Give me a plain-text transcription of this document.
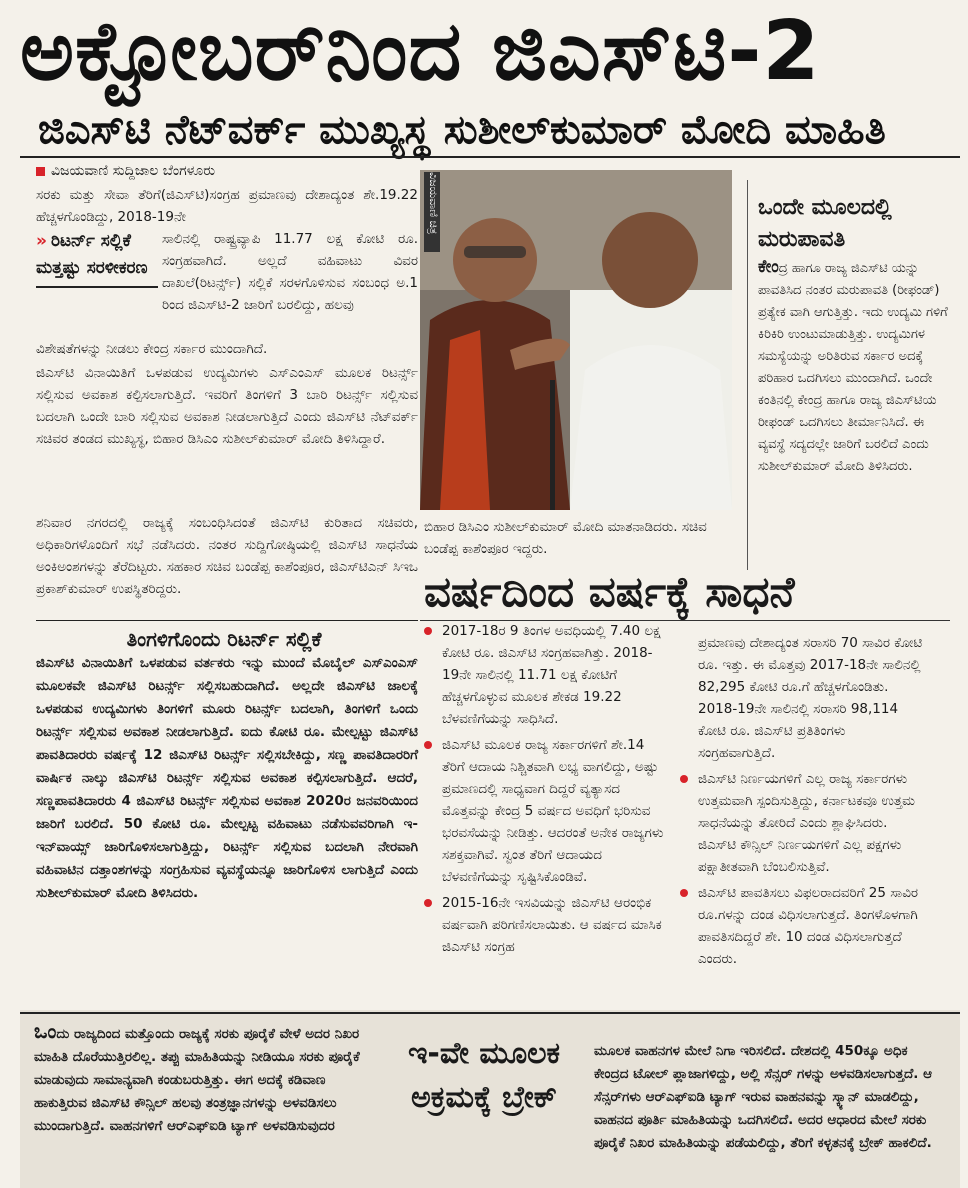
ಅಕ್ಟೋಬರ್‌ನಿಂದ ಜಿಎಸ್‌ಟಿ-2
ಜಿಎಸ್‌ಟಿ ನೆಟ್‌ವರ್ಕ್ ಮುಖ್ಯಸ್ಥ ಸುಶೀಲ್‌ಕುಮಾರ್ ಮೋದಿ ಮಾಹಿತಿ
ವಿಜಯವಾಣಿ ಸುದ್ದಿಜಾಲ ಬೆಂಗಳೂರು
ಸರಕು ಮತ್ತು ಸೇವಾ ತೆರಿಗೆ(ಜಿಎಸ್‌ಟಿ)ಸಂಗ್ರಹ ಪ್ರಮಾಣವು ದೇಶಾದ್ಯಂತ ಶೇ.19.22 ಹೆಚ್ಚಳಗೊಂಡಿದ್ದು, 2018-19ನೇ
» ರಿಟರ್ನ್ ಸಲ್ಲಿಕೆ ಮತ್ತಷ್ಟು ಸರಳೀಕರಣ
ಸಾಲಿನಲ್ಲಿ ರಾಷ್ಟ್ರವ್ಯಾಪಿ 11.77 ಲಕ್ಷ ಕೋಟಿ ರೂ. ಸಂಗ್ರಹವಾಗಿದೆ. ಅಲ್ಲದೆ ವಹಿವಾಟು ವಿವರ ದಾಖಲೆ(ರಿಟರ್ನ್ಸ್) ಸಲ್ಲಿಕೆ ಸರಳಗೊಳಿಸುವ ಸಂಬಂಧ ಅ.1 ರಿಂದ ಜಿಎಸ್‌ಟಿ-2 ಜಾರಿಗೆ ಬರಲಿದ್ದು, ಹಲವು
ವಿಶೇಷತೆಗಳನ್ನು ನೀಡಲು ಕೇಂದ್ರ ಸರ್ಕಾರ ಮುಂದಾಗಿದೆ.
ಜಿಎಸ್‌ಟಿ ವಿನಾಯಿತಿಗೆ ಒಳಪಡುವ ಉದ್ಯಮಿಗಳು ಎಸ್‌ಎಂಎಸ್ ಮೂಲಕ ರಿಟರ್ನ್ಸ್ ಸಲ್ಲಿಸುವ ಅವಕಾಶ ಕಲ್ಪಿಸಲಾಗುತ್ತಿದೆ. ಇವರಿಗೆ ತಿಂಗಳಿಗೆ 3 ಬಾರಿ ರಿಟರ್ನ್ಸ್ ಸಲ್ಲಿಸುವ ಬದಲಾಗಿ ಒಂದೇ ಬಾರಿ ಸಲ್ಲಿಸುವ ಅವಕಾಶ ನೀಡಲಾಗುತ್ತಿದೆ ಎಂದು ಜಿಎಸ್‌ಟಿ ನೆಟ್‌ವರ್ಕ್ ಸಚಿವರ ತಂಡದ ಮುಖ್ಯಸ್ಥ, ಬಿಹಾರ ಡಿಸಿಎಂ ಸುಶೀಲ್‌ಕುಮಾರ್ ಮೋದಿ ತಿಳಿಸಿದ್ದಾರೆ.
ಶನಿವಾರ ನಗರದಲ್ಲಿ ರಾಜ್ಯಕ್ಕೆ ಸಂಬಂಧಿಸಿದಂತೆ ಜಿಎಸ್‌ಟಿ ಕುರಿತಾದ ಸಚಿವರು, ಅಧಿಕಾರಿಗಳೊಂದಿಗೆ ಸಭೆ ನಡೆಸಿದರು. ನಂತರ ಸುದ್ದಿಗೋಷ್ಠಿಯಲ್ಲಿ ಜಿಎಸ್‌ಟಿ ಸಾಧನೆಯ ಅಂಕಿಅಂಶಗಳನ್ನು ತೆರೆದಿಟ್ಟರು. ಸಹಕಾರ ಸಚಿವ ಬಂಡೆಪ್ಪ ಕಾಶೆಂಪೂರ, ಜಿಎಸ್‌ಟಿಎನ್ ಸಿಇಒ ಪ್ರಕಾಶ್‌ಕುಮಾರ್ ಉಪಸ್ಥಿತರಿದ್ದರು.
ವಿಜಯವಾಣಿ ಚಿತ್ರ
ಬಿಹಾರ ಡಿಸಿಎಂ ಸುಶೀಲ್‌ಕುಮಾರ್ ಮೋದಿ ಮಾತನಾಡಿದರು. ಸಚಿವ ಬಂಡೆಪ್ಪ ಕಾಶೆಂಪೂರ ಇದ್ದರು.
ಒಂದೇ ಮೂಲದಲ್ಲಿ ಮರುಪಾವತಿ
ಕೇಂದ್ರ ಹಾಗೂ ರಾಜ್ಯ ಜಿಎಸ್‌ಟಿ ಯನ್ನು ಪಾವತಿಸಿದ ನಂತರ ಮರುಪಾವತಿ (ರೀಫಂಡ್) ಪ್ರತ್ಯೇಕ ವಾಗಿ ಆಗುತ್ತಿತ್ತು. ಇದು ಉದ್ಯಮಿ ಗಳಿಗೆ ಕಿರಿಕಿರಿ ಉಂಟುಮಾಡುತ್ತಿತ್ತು. ಉದ್ಯಮಿಗಳ ಸಮಸ್ಯೆಯನ್ನು ಅರಿತಿರುವ ಸರ್ಕಾರ ಅದಕ್ಕೆ ಪರಿಹಾರ ಒದಗಿಸಲು ಮುಂದಾಗಿದೆ. ಒಂದೇ ಕಂತಿನಲ್ಲಿ ಕೇಂದ್ರ ಹಾಗೂ ರಾಜ್ಯ ಜಿಎಸ್‌ಟಿಯ ರೀಫಂಡ್ ಒದಗಿಸಲು ತೀರ್ಮಾನಿಸಿದೆ. ಈ ವ್ಯವಸ್ಥೆ ಸದ್ಯದಲ್ಲೇ ಜಾರಿಗೆ ಬರಲಿದೆ ಎಂದು ಸುಶೀಲ್‌ಕುಮಾರ್ ಮೋದಿ ತಿಳಿಸಿದರು.
ವರ್ಷದಿಂದ ವರ್ಷಕ್ಕೆ ಸಾಧನೆ

2017-18ರ 9 ತಿಂಗಳ ಅವಧಿಯಲ್ಲಿ 7.40 ಲಕ್ಷ ಕೋಟಿ ರೂ. ಜಿಎಸ್‌ಟಿ ಸಂಗ್ರಹವಾಗಿತ್ತು. 2018-19ನೇ ಸಾಲಿನಲ್ಲಿ 11.71 ಲಕ್ಷ ಕೋಟಿಗೆ ಹೆಚ್ಚಳಗೊಳ್ಳುವ ಮೂಲಕ ಶೇಕಡ 19.22 ಬೆಳವಣಿಗೆಯನ್ನು ಸಾಧಿಸಿದೆ.

ಜಿಎಸ್‌ಟಿ ಮೂಲಕ ರಾಜ್ಯ ಸರ್ಕಾರಗಳಿಗೆ ಶೇ.14 ತೆರಿಗೆ ಆದಾಯ ನಿಶ್ಚಿತವಾಗಿ ಲಭ್ಯ ವಾಗಲಿದ್ದು, ಅಷ್ಟು ಪ್ರಮಾಣದಲ್ಲಿ ಸಾಧ್ಯವಾಗ ದಿದ್ದರೆ ವ್ಯತ್ಯಾಸದ ಮೊತ್ತವನ್ನು ಕೇಂದ್ರ 5 ವರ್ಷದ ಅವಧಿಗೆ ಭರಿಸುವ ಭರವಸೆಯನ್ನು ನೀಡಿತ್ತು. ಆದರಂತೆ ಅನೇಕ ರಾಜ್ಯಗಳು ಸಶಕ್ತವಾಗಿವೆ. ಸ್ವಂತ ತೆರಿಗೆ ಆದಾಯದ ಬೆಳವಣಿಗೆಯನ್ನು ಸೃಷ್ಟಿಸಿಕೊಂಡಿವೆ.

2015-16ನೇ ಇಸವಿಯನ್ನು ಜಿಎಸ್‌ಟಿ ಆರಂಭಿಕ ವರ್ಷವಾಗಿ ಪರಿಗಣಿಸಲಾಯಿತು. ಆ ವರ್ಷದ ಮಾಸಿಕ ಜಿಎಸ್‌ಟಿ ಸಂಗ್ರಹ

ಪ್ರಮಾಣವು ದೇಶಾದ್ಯಂತ ಸರಾಸರಿ 70 ಸಾವಿರ ಕೋಟಿ ರೂ. ಇತ್ತು. ಈ ಮೊತ್ತವು 2017-18ನೇ ಸಾಲಿನಲ್ಲಿ 82,295 ಕೋಟಿ ರೂ.ಗೆ ಹೆಚ್ಚಳಗೊಂಡಿತು. 2018-19ನೇ ಸಾಲಿನಲ್ಲಿ ಸರಾಸರಿ 98,114 ಕೋಟಿ ರೂ. ಜಿಎಸ್‌ಟಿ ಪ್ರತಿತಿಂಗಳು ಸಂಗ್ರಹವಾಗುತ್ತಿದೆ.

ಜಿಎಸ್‌ಟಿ ನಿರ್ಣಯಗಳಿಗೆ ಎಲ್ಲ ರಾಜ್ಯ ಸರ್ಕಾರಗಳು ಉತ್ತಮವಾಗಿ ಸ್ಪಂದಿಸುತ್ತಿದ್ದು, ಕರ್ನಾಟಕವೂ ಉತ್ತಮ ಸಾಧನೆಯನ್ನು ತೋರಿದೆ ಎಂದು ಶ್ಲಾಘಿಸಿದರು. ಜಿಎಸ್‌ಟಿ ಕೌನ್ಸಿಲ್ ನಿರ್ಣಯಗಳಿಗೆ ಎಲ್ಲ ಪಕ್ಷಗಳು ಪಕ್ಷಾತೀತವಾಗಿ ಬೆಂಬಲಿಸುತ್ತಿವೆ.

ಜಿಎಸ್‌ಟಿ ಪಾವತಿಸಲು ವಿಫಲರಾದವರಿಗೆ 25 ಸಾವಿರ ರೂ.ಗಳನ್ನು ದಂಡ ವಿಧಿಸಲಾಗುತ್ತದೆ. ತಿಂಗಳೊಳಗಾಗಿ ಪಾವತಿಸದಿದ್ದರೆ ಶೇ. 10 ದಂಡ ವಿಧಿಸಲಾಗುತ್ತದೆ ಎಂದರು.

ತಿಂಗಳಿಗೊಂದು ರಿಟರ್ನ್ ಸಲ್ಲಿಕೆ
ಜಿಎಸ್‌ಟಿ ವಿನಾಯಿತಿಗೆ ಒಳಪಡುವ ವರ್ತಕರು ಇನ್ನು ಮುಂದೆ ಮೊಬೈಲ್ ಎಸ್‌ಎಂಎಸ್ ಮೂಲಕವೇ ಜಿಎಸ್‌ಟಿ ರಿಟರ್ನ್ಸ್ ಸಲ್ಲಿಸಬಹುದಾಗಿದೆ. ಅಲ್ಲದೇ ಜಿಎಸ್‌ಟಿ ಜಾಲಕ್ಕೆ ಒಳಪಡುವ ಉದ್ಯಮಿಗಳು ತಿಂಗಳಿಗೆ ಮೂರು ರಿಟರ್ನ್ಸ್ ಬದಲಾಗಿ, ತಿಂಗಳಿಗೆ ಒಂದು ರಿಟರ್ನ್ಸ್ ಸಲ್ಲಿಸುವ ಅವಕಾಶ ನೀಡಲಾಗುತ್ತಿದೆ. ಐದು ಕೋಟಿ ರೂ. ಮೇಲ್ಪಟ್ಟು ಜಿಎಸ್‌ಟಿ ಪಾವತಿದಾರರು ವರ್ಷಕ್ಕೆ 12 ಜಿಎಸ್‌ಟಿ ರಿಟರ್ನ್ಸ್ ಸಲ್ಲಿಸಬೇಕಿದ್ದು, ಸಣ್ಣ ಪಾವತಿದಾರರಿಗೆ ವಾರ್ಷಿಕ ನಾಲ್ಕು ಜಿಎಸ್‌ಟಿ ರಿಟರ್ನ್ಸ್ ಸಲ್ಲಿಸುವ ಅವಕಾಶ ಕಲ್ಪಿಸಲಾಗುತ್ತಿದೆ. ಆದರೆ, ಸಣ್ಣಪಾವತಿದಾರರು 4 ಜಿಎಸ್‌ಟಿ ರಿಟರ್ನ್ಸ್ ಸಲ್ಲಿಸುವ ಅವಕಾಶ 2020ರ ಜನವರಿಯಿಂದ ಜಾರಿಗೆ ಬರಲಿದೆ. 50 ಕೋಟಿ ರೂ. ಮೇಲ್ಪಟ್ಟ ವಹಿವಾಟು ನಡೆಸುವವರಿಗಾಗಿ ಇ- ಇನ್‌ವಾಯ್ಸ್ ಜಾರಿಗೊಳಿಸಲಾಗುತ್ತಿದ್ದು, ರಿಟರ್ನ್ಸ್ ಸಲ್ಲಿಸುವ ಬದಲಾಗಿ ನೇರವಾಗಿ ವಹಿವಾಟಿನ ದತ್ತಾಂಶಗಳನ್ನು ಸಂಗ್ರಹಿಸುವ ವ್ಯವಸ್ಥೆಯನ್ನೂ ಜಾರಿಗೊಳಿಸ ಲಾಗುತ್ತಿದೆ ಎಂದು ಸುಶೀಲ್‌ಕುಮಾರ್ ಮೋದಿ ತಿಳಿಸಿದರು.
ಒಂದು ರಾಜ್ಯದಿಂದ ಮತ್ತೊಂದು ರಾಜ್ಯಕ್ಕೆ ಸರಕು ಪೂರೈಕೆ ವೇಳೆ ಅದರ ನಿಖರ ಮಾಹಿತಿ ದೊರೆಯುತ್ತಿರಲಿಲ್ಲ. ತಪ್ಪು ಮಾಹಿತಿಯನ್ನು ನೀಡಿಯೂ ಸರಕು ಪೂರೈಕೆ ಮಾಡುವುದು ಸಾಮಾನ್ಯವಾಗಿ ಕಂಡುಬರುತ್ತಿತ್ತು. ಈಗ ಅದಕ್ಕೆ ಕಡಿವಾಣ ಹಾಕುತ್ತಿರುವ ಜಿಎಸ್‌ಟಿ ಕೌನ್ಸಿಲ್ ಹಲವು ತಂತ್ರಜ್ಞಾನಗಳನ್ನು ಅಳವಡಿಸಲು ಮುಂದಾಗುತ್ತಿದೆ. ವಾಹನಗಳಿಗೆ ಆರ್‌ಎಫ್‌ಐಡಿ ಟ್ಯಾಗ್ ಅಳವಡಿಸುವುದರ
ಇ-ವೇ ಮೂಲಕ ಅಕ್ರಮಕ್ಕೆ ಬ್ರೇಕ್
ಮೂಲಕ ವಾಹನಗಳ ಮೇಲೆ ನಿಗಾ ಇರಿಸಲಿದೆ. ದೇಶದಲ್ಲಿ 450ಕ್ಕೂ ಅಧಿಕ ಕೇಂದ್ರದ ಟೋಲ್ ಪ್ಲಾಜಾಗಳಿದ್ದು, ಅಲ್ಲಿ ಸೆನ್ಸರ್ ಗಳನ್ನು ಅಳವಡಿಸಲಾಗುತ್ತದೆ. ಆ ಸೆನ್ಸರ್‌ಗಳು ಆರ್‌ಎಫ್‌ಐಡಿ ಟ್ಯಾಗ್ ಇರುವ ವಾಹನವನ್ನು ಸ್ಕ್ಯಾನ್ ಮಾಡಲಿದ್ದು, ವಾಹನದ ಪೂರ್ತಿ ಮಾಹಿತಿಯನ್ನು ಒದಗಿಸಲಿದೆ. ಅದರ ಆಧಾರದ ಮೇಲೆ ಸರಕು ಪೂರೈಕೆ ನಿಖರ ಮಾಹಿತಿಯನ್ನು ಪಡೆಯಲಿದ್ದು, ತೆರಿಗೆ ಕಳ್ಳತನಕ್ಕೆ ಬ್ರೇಕ್ ಹಾಕಲಿದೆ.
